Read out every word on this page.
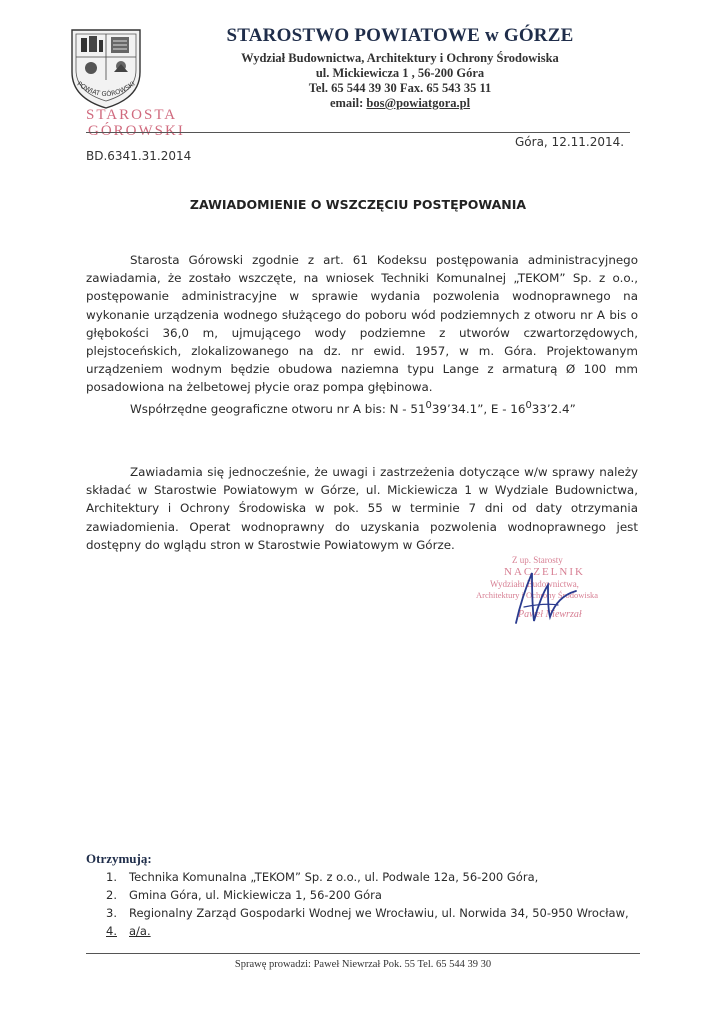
POWIAT GÓROWSKI
STAROSTWO POWIATOWE w GÓRZE
Wydział Budownictwa, Architektury i Ochrony Środowiska
ul. Mickiewicza 1 , 56-200 Góra
Tel. 65 544 39 30 Fax. 65 543 35 11
email: bos@powiatgora.pl
STAROSTA
GÓROWSKI
Góra, 12.11.2014.
BD.6341.31.2014
ZAWIADOMIENIE O WSZCZĘCIU POSTĘPOWANIA

Starosta Górowski zgodnie z art. 61 Kodeksu postępowania administracyjnego zawiadamia, że zostało wszczęte, na wniosek Techniki Komunalnej „TEKOM” Sp. z o.o., postępowanie administracyjne w sprawie wydania pozwolenia wodnoprawnego na wykonanie urządzenia wodnego służącego do poboru wód podziemnych z otworu nr A bis o głębokości 36,0 m, ujmującego wody podziemne z utworów czwartorzędowych, plejstoceńskich, zlokalizowanego na dz. nr ewid. 1957, w m. Góra. Projektowanym urządzeniem wodnym będzie obudowa naziemna typu Lange z armaturą Ø 100 mm posadowiona na żelbetowej płycie oraz pompa głębinowa.

Współrzędne geograficzne otworu nr A bis: N - $51^039’34.1$”, E - $16^033’2.4$”

Zawiadamia się jednocześnie, że uwagi i zastrzeżenia dotyczące w/w sprawy należy składać w Starostwie Powiatowym w Górze, ul. Mickiewicza 1 w Wydziale Budownictwa, Architektury i Ochrony Środowiska w pok. 55 w terminie 7 dni od daty otrzymania zawiadomienia. Operat wodnoprawny do uzyskania pozwolenia wodnoprawnego jest dostępny do wglądu stron w Starostwie Powiatowym w Górze.
Z up. Starosty
NACZELNIK
Wydziału Budownictwa,
Architektury i Ochrony Środowiska
Paweł Niewrzał
Otrzymują:
1. Technika Komunalna „TEKOM” Sp. z o.o., ul. Podwale 12a, 56-200 Góra,
2. Gmina Góra, ul. Mickiewicza 1, 56-200 Góra
3. Regionalny Zarząd Gospodarki Wodnej we Wrocławiu, ul. Norwida 34, 50-950 Wrocław,
4. a/a.
Sprawę prowadzi: Paweł Niewrzał Pok. 55 Tel. 65 544 39 30
